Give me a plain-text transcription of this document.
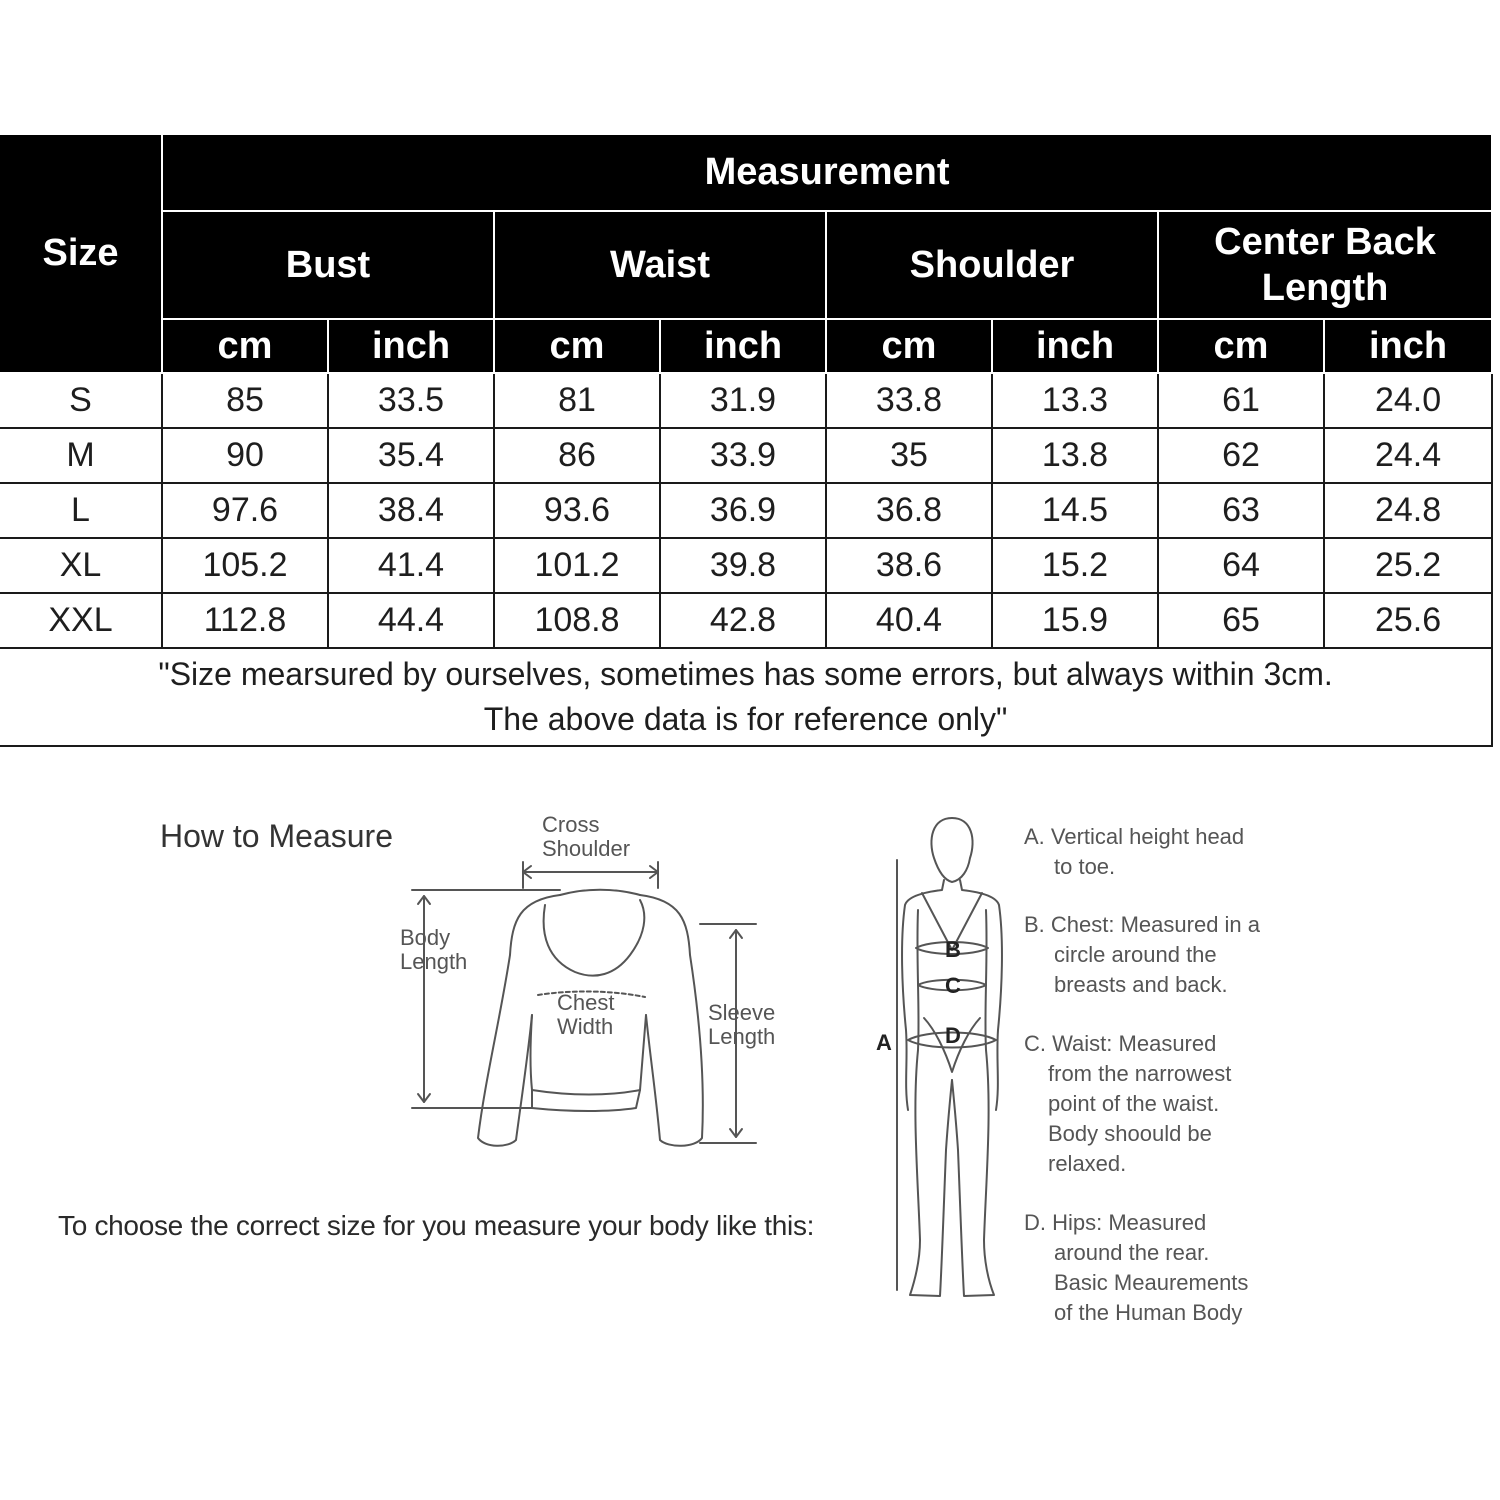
Size	Measurement							
	Bust		Waist		Shoulder		Center Back
Length	

	cm	inch	cm	inch	cm	inch	cm	inch
S	85	33.5	81	31.9	33.8	13.3	61	24.0
M	90	35.4	86	33.9	35	13.8	62	24.4
L	97.6	38.4	93.6	36.9	36.8	14.5	63	24.8
XL	105.2	41.4	101.2	39.8	38.6	15.2	64	25.2
XXL	112.8	44.4	108.8	42.8	40.4	15.9	65	25.6

"Size mearsured by ourselves, sometimes has some errors, but always within 3cm.
The above data is for reference only"								
How to Measure	Cross
Shoulder
Body
Length
Chest
Width
Sleeve
Length
To choose the correct size for you measure your body like this:
A
B
C
D
A. Vertical height head
to toe.
B. Chest: Measured in a
circle around the
breasts and back.
C. Waist: Measured
from the narrowest
point of the waist.
Body shoould be
relaxed.
D. Hips: Measured
around the rear.
Basic Meaurements
of the Human Body
